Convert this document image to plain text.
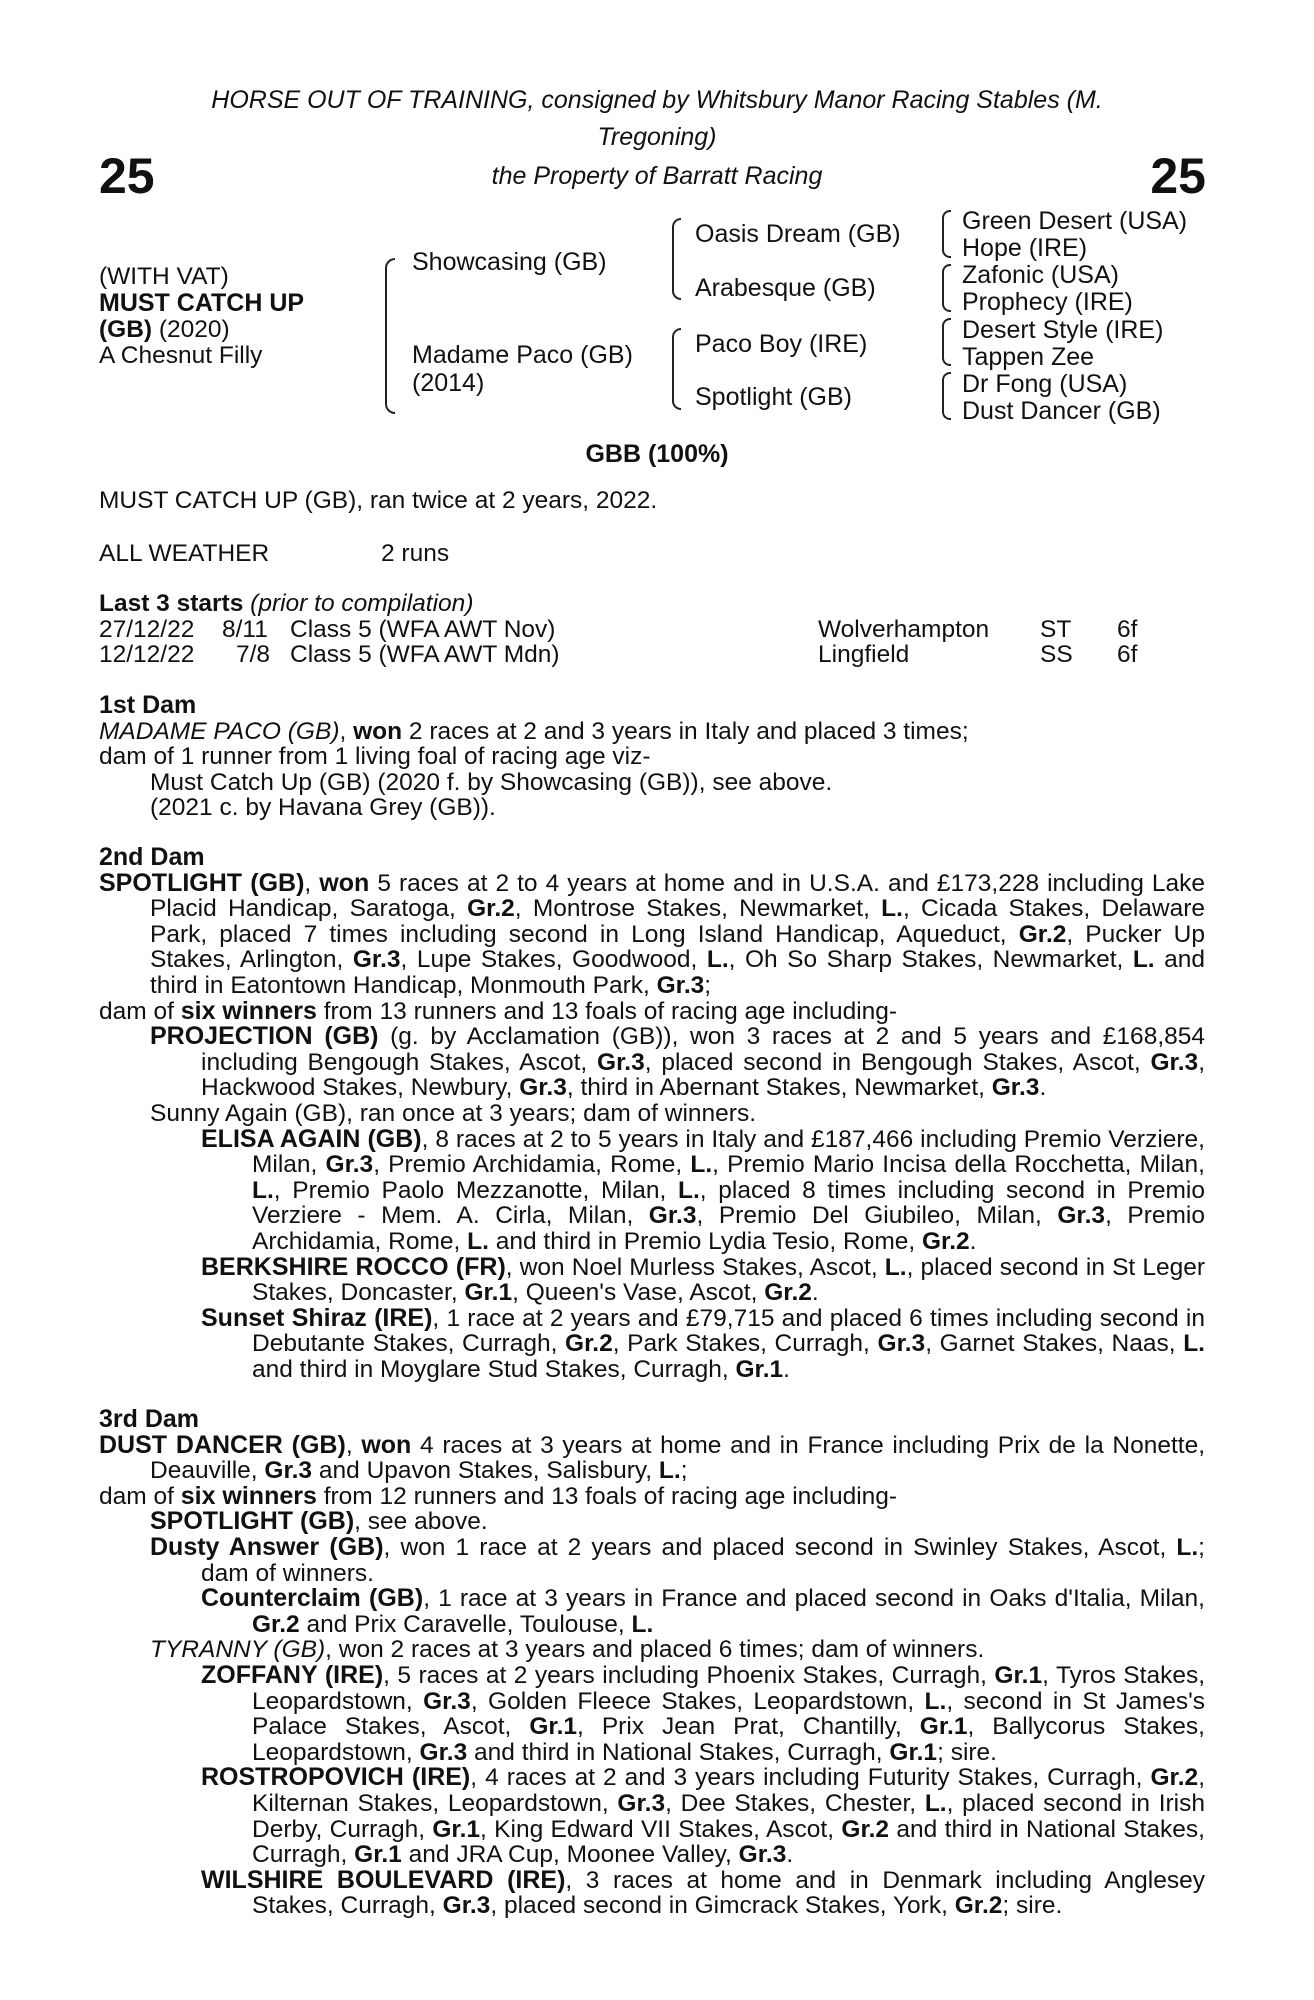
HORSE OUT OF TRAINING, consigned by Whitsbury Manor Racing Stables (M.
Tregoning)
the Property of Barratt Racing
25	25
(WITH VAT)
MUST CATCH UP
(GB) (2020)
A Chesnut Filly
Showcasing (GB)
Madame Paco (GB)
(2014)
Oasis Dream (GB)
Arabesque (GB)
Paco Boy (IRE)
Spotlight (GB)
Green Desert (USA)
Hope (IRE)
Zafonic (USA)
Prophecy (IRE)
Desert Style (IRE)
Tappen Zee
Dr Fong (USA)
Dust Dancer (GB)
GBB (100%)
MUST CATCH UP (GB), ran twice at 2 years, 2022.
ALL WEATHER	2 runs
Last 3 starts (prior to compilation)
27/12/22 8/11 Class 5 (WFA AWT Nov)	Wolverhampton ST 6f
12/12/22 7/8 Class 5 (WFA AWT Mdn)	Lingfield	SS 6f

1st Dam

MADAME PACO (GB), won 2 races at 2 and 3 years in Italy and placed 3 times;

dam of 1 runner from 1 living foal of racing age viz-

Must Catch Up (GB) (2020 f. by Showcasing (GB)), see above.

(2021 c. by Havana Grey (GB)).

2nd Dam

SPOTLIGHT (GB), won 5 races at 2 to 4 years at home and in U.S.A. and £173,228 including Lake Placid Handicap, Saratoga, Gr.2, Montrose Stakes, Newmarket, L., Cicada Stakes, Delaware Park, placed 7 times including second in Long Island Handicap, Aqueduct, Gr.2, Pucker Up Stakes, Arlington, Gr.3, Lupe Stakes, Goodwood, L., Oh So Sharp Stakes, Newmarket, L. and third in Eatontown Handicap, Monmouth Park, Gr.3;

dam of six winners from 13 runners and 13 foals of racing age including-

PROJECTION (GB) (g. by Acclamation (GB)), won 3 races at 2 and 5 years and £168,854 including Bengough Stakes, Ascot, Gr.3, placed second in Bengough Stakes, Ascot, Gr.3, Hackwood Stakes, Newbury, Gr.3, third in Abernant Stakes, Newmarket, Gr.3.

Sunny Again (GB), ran once at 3 years; dam of winners.

ELISA AGAIN (GB), 8 races at 2 to 5 years in Italy and £187,466 including Premio Verziere, Milan, Gr.3, Premio Archidamia, Rome, L., Premio Mario Incisa della Rocchetta, Milan, L., Premio Paolo Mezzanotte, Milan, L., placed 8 times including second in Premio Verziere - Mem. A. Cirla, Milan, Gr.3, Premio Del Giubileo, Milan, Gr.3, Premio Archidamia, Rome, L. and third in Premio Lydia Tesio, Rome, Gr.2.

BERKSHIRE ROCCO (FR), won Noel Murless Stakes, Ascot, L., placed second in St Leger Stakes, Doncaster, Gr.1, Queen's Vase, Ascot, Gr.2.

Sunset Shiraz (IRE), 1 race at 2 years and £79,715 and placed 6 times including second in Debutante Stakes, Curragh, Gr.2, Park Stakes, Curragh, Gr.3, Garnet Stakes, Naas, L. and third in Moyglare Stud Stakes, Curragh, Gr.1.

3rd Dam

DUST DANCER (GB), won 4 races at 3 years at home and in France including Prix de la Nonette, Deauville, Gr.3 and Upavon Stakes, Salisbury, L.;

dam of six winners from 12 runners and 13 foals of racing age including-

SPOTLIGHT (GB), see above.

Dusty Answer (GB), won 1 race at 2 years and placed second in Swinley Stakes, Ascot, L.; dam of winners.

Counterclaim (GB), 1 race at 3 years in France and placed second in Oaks d'Italia, Milan, Gr.2 and Prix Caravelle, Toulouse, L.

TYRANNY (GB), won 2 races at 3 years and placed 6 times; dam of winners.

ZOFFANY (IRE), 5 races at 2 years including Phoenix Stakes, Curragh, Gr.1, Tyros Stakes, Leopardstown, Gr.3, Golden Fleece Stakes, Leopardstown, L., second in St James's Palace Stakes, Ascot, Gr.1, Prix Jean Prat, Chantilly, Gr.1, Ballycorus Stakes, Leopardstown, Gr.3 and third in National Stakes, Curragh, Gr.1; sire.

ROSTROPOVICH (IRE), 4 races at 2 and 3 years including Futurity Stakes, Curragh, Gr.2, Kilternan Stakes, Leopardstown, Gr.3, Dee Stakes, Chester, L., placed second in Irish Derby, Curragh, Gr.1, King Edward VII Stakes, Ascot, Gr.2 and third in National Stakes, Curragh, Gr.1 and JRA Cup, Moonee Valley, Gr.3.

WILSHIRE BOULEVARD (IRE), 3 races at home and in Denmark including Anglesey Stakes, Curragh, Gr.3, placed second in Gimcrack Stakes, York, Gr.2; sire.
